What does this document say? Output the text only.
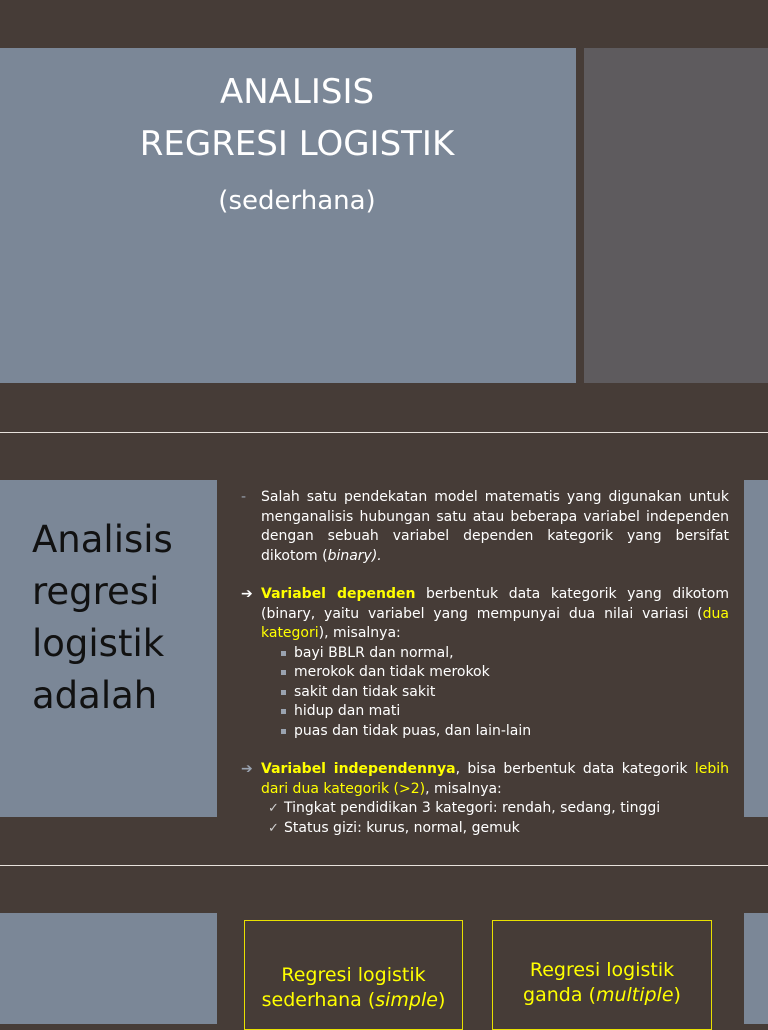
ANALISIS
REGRESI LOGISTIK
(sederhana)
Analisis
regresi
logistik
adalah
-	Salah satu pendekatan model matematis yang digunakan untuk menganalisis hubungan satu atau beberapa variabel independen dengan sebuah variabel dependen kategorik yang bersifat dikotom (binary).
➔ Variabel dependen berbentuk data kategorik yang dikotom (binary, yaitu variabel yang mempunyai dua nilai variasi (dua kategori), misalnya:
bayi BBLR dan normal,
merokok dan tidak merokok
sakit dan tidak sakit
hidup dan mati
puas dan tidak puas, dan lain-lain
➔ Variabel independennya, bisa berbentuk data kategorik lebih dari dua kategorik (>2), misalnya:
✓ Tingkat pendidikan 3 kategori: rendah, sedang, tinggi
✓ Status gizi: kurus, normal, gemuk
Regresi logistik
sederhana (simple)
Regresi logistik
ganda (multiple)
